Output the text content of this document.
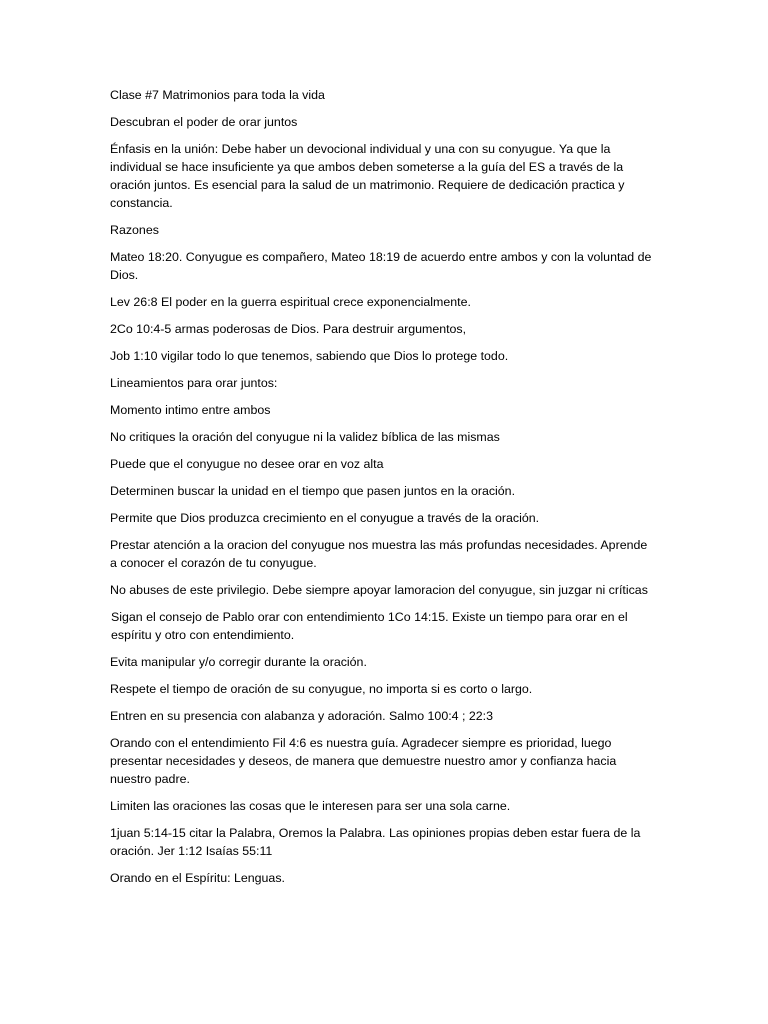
Clase #7 Matrimonios para toda la vida

Descubran el poder de orar juntos

Énfasis en la unión: Debe haber un devocional individual y una con su conyugue. Ya que la individual se hace insuficiente ya que ambos deben someterse a la guía del ES a través de la oración juntos. Es esencial para la salud de un matrimonio. Requiere de dedicación practica y constancia.

Razones

Mateo 18:20. Conyugue es compañero, Mateo 18:19 de acuerdo entre ambos y con la voluntad de Dios.

Lev 26:8 El poder en la guerra espiritual crece exponencialmente.

2Co 10:4-5 armas poderosas de Dios. Para destruir argumentos,

Job 1:10 vigilar todo lo que tenemos, sabiendo que Dios lo protege todo.

Lineamientos para orar juntos:

Momento intimo entre ambos

No critiques la oración del conyugue ni la validez bíblica de las mismas

Puede que el conyugue no desee orar en voz alta

Determinen buscar la unidad en el tiempo que pasen juntos en la oración.

Permite que Dios produzca crecimiento en el conyugue a través de la oración.

Prestar atención a la oracion del conyugue nos muestra las más profundas necesidades. Aprende a conocer el corazón de tu conyugue.

No abuses de este privilegio. Debe siempre apoyar lamoracion del conyugue, sin juzgar ni críticas

Sigan el consejo de Pablo orar con entendimiento 1Co 14:15. Existe un tiempo para orar en el espíritu y otro con entendimiento.

Evita manipular y/o corregir durante la oración.

Respete el tiempo de oración de su conyugue, no importa si es corto o largo.

Entren en su presencia con alabanza y adoración. Salmo 100:4 ; 22:3

Orando con el entendimiento Fil 4:6 es nuestra guía. Agradecer siempre es prioridad, luego presentar necesidades y deseos, de manera que demuestre nuestro amor y confianza hacia nuestro padre.

Limiten las oraciones las cosas que le interesen para ser una sola carne.

1juan 5:14-15 citar la Palabra, Oremos la Palabra. Las opiniones propias deben estar fuera de la oración. Jer 1:12 Isaías 55:11

Orando en el Espíritu: Lenguas.
